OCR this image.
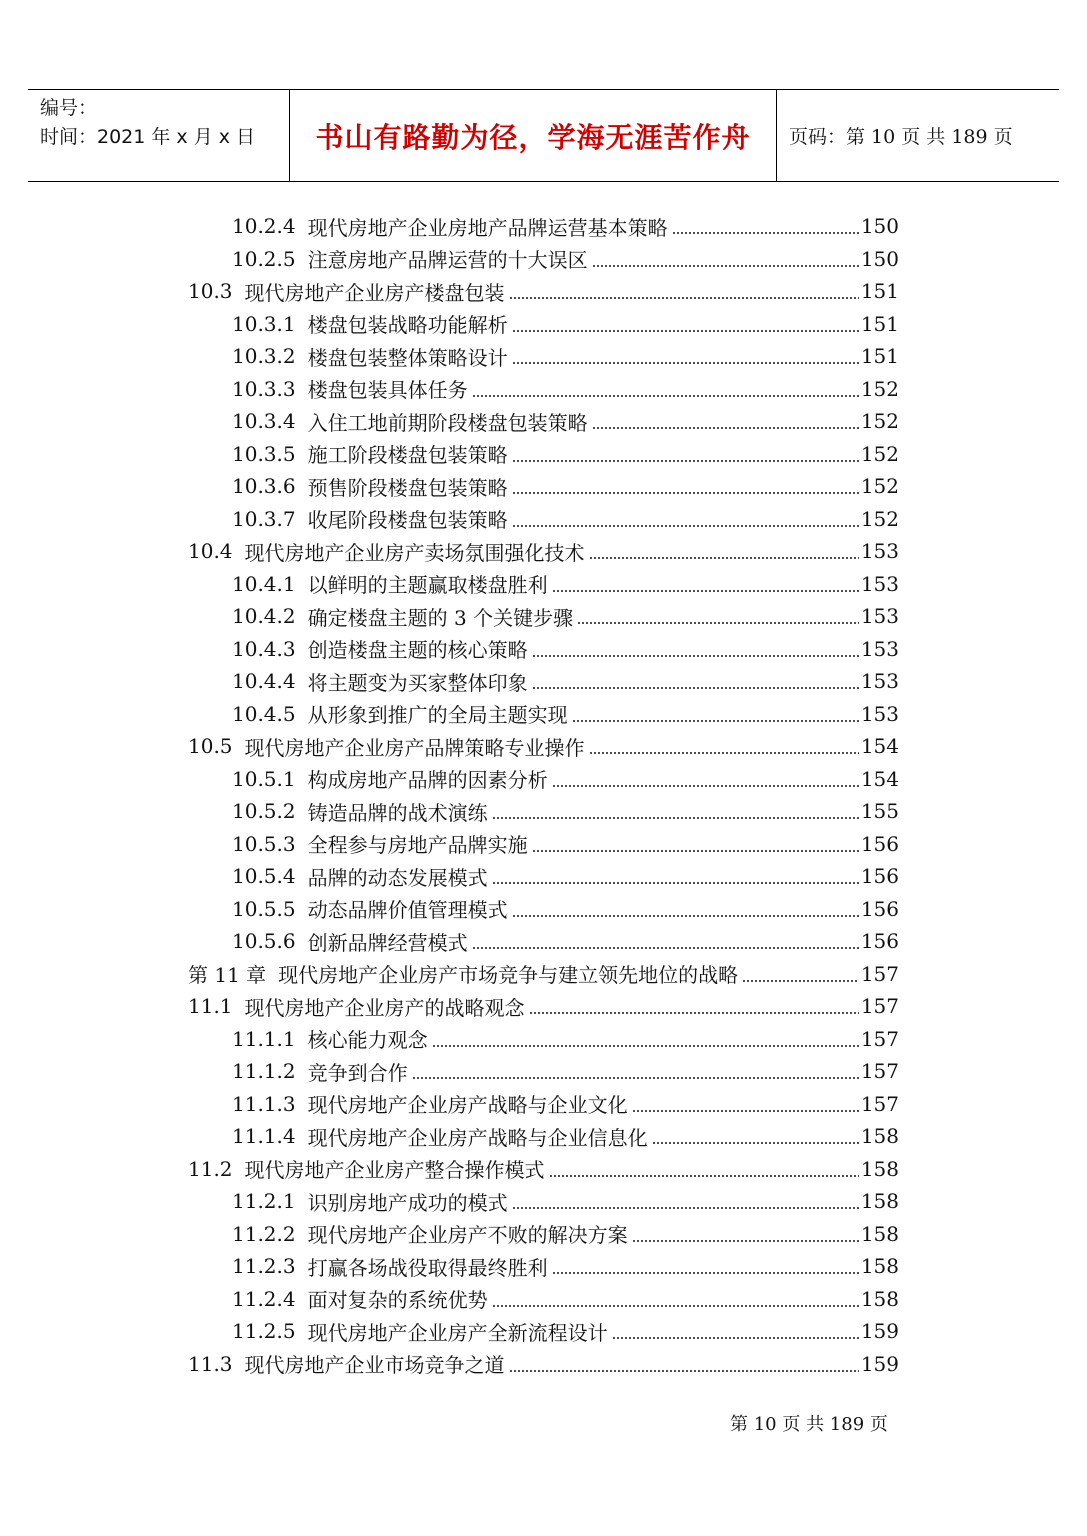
编号：
时间：2021 年 x 月 x 日	书山有路勤为径，学海无涯苦作舟 页码：第 10 页 共 189 页
10.2.4 现代房地产企业房地产品牌运营基本策略	150
10.2.5 注意房地产品牌运营的十大误区	150
10.3 现代房地产企业房产楼盘包装	151
10.3.1 楼盘包装战略功能解析	151
10.3.2 楼盘包装整体策略设计	151
10.3.3 楼盘包装具体任务	152
10.3.4 入住工地前期阶段楼盘包装策略	152
10.3.5 施工阶段楼盘包装策略	152
10.3.6 预售阶段楼盘包装策略	152
10.3.7 收尾阶段楼盘包装策略	152
10.4 现代房地产企业房产卖场氛围强化技术	153
10.4.1 以鲜明的主题赢取楼盘胜利	153
10.4.2 确定楼盘主题的 3 个关键步骤	153
10.4.3 创造楼盘主题的核心策略	153
10.4.4 将主题变为买家整体印象	153
10.4.5 从形象到推广的全局主题实现	153
10.5 现代房地产企业房产品牌策略专业操作	154
10.5.1 构成房地产品牌的因素分析	154
10.5.2 铸造品牌的战术演练	155
10.5.3 全程参与房地产品牌实施	156
10.5.4 品牌的动态发展模式	156
10.5.5 动态品牌价值管理模式	156
10.5.6 创新品牌经营模式	156
第 11 章 现代房地产企业房产市场竞争与建立领先地位的战略	157
11.1 现代房地产企业房产的战略观念	157
11.1.1 核心能力观念	157
11.1.2 竞争到合作	157
11.1.3 现代房地产企业房产战略与企业文化	157
11.1.4 现代房地产企业房产战略与企业信息化	158
11.2 现代房地产企业房产整合操作模式	158
11.2.1 识别房地产成功的模式	158
11.2.2 现代房地产企业房产不败的解决方案	158
11.2.3 打赢各场战役取得最终胜利	158
11.2.4 面对复杂的系统优势	158
11.2.5 现代房地产企业房产全新流程设计	159
11.3 现代房地产企业市场竞争之道	159
第 10 页 共 189 页
